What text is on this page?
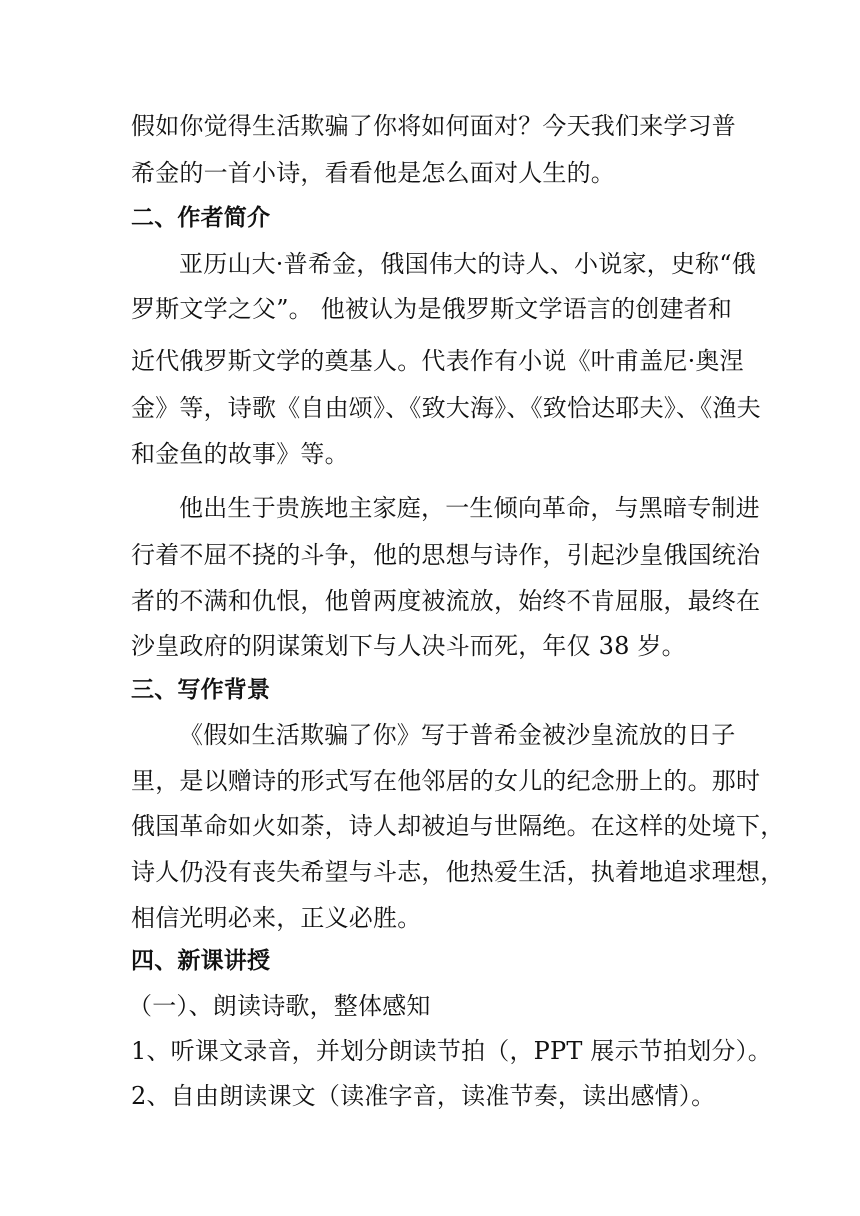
假如你觉得生活欺骗了你将如何面对？今天我们来学习普
希金的一首小诗，看看他是怎么面对人生的。
二、作者简介
亚历山大·普希金，俄国伟大的诗人、小说家，史称“俄
罗斯文学之父”。 他被认为是俄罗斯文学语言的创建者和
近代俄罗斯文学的奠基人。代表作有小说《叶甫盖尼·奥涅
金》等，诗歌《自由颂》、《致大海》、《致恰达耶夫》、《渔夫
和金鱼的故事》等。
他出生于贵族地主家庭，一生倾向革命，与黑暗专制进
行着不屈不挠的斗争，他的思想与诗作，引起沙皇俄国统治
者的不满和仇恨，他曾两度被流放，始终不肯屈服，最终在
沙皇政府的阴谋策划下与人决斗而死，年仅 38 岁。
三、写作背景
《假如生活欺骗了你》写于普希金被沙皇流放的日子
里，是以赠诗的形式写在他邻居的女儿的纪念册上的。那时
俄国革命如火如荼，诗人却被迫与世隔绝。在这样的处境下，
诗人仍没有丧失希望与斗志，他热爱生活，执着地追求理想，
相信光明必来，正义必胜。
四、新课讲授
（一）、朗读诗歌，整体感知
1、听课文录音，并划分朗读节拍（，PPT 展示节拍划分）。
2、自由朗读课文（读准字音，读准节奏，读出感情）。
